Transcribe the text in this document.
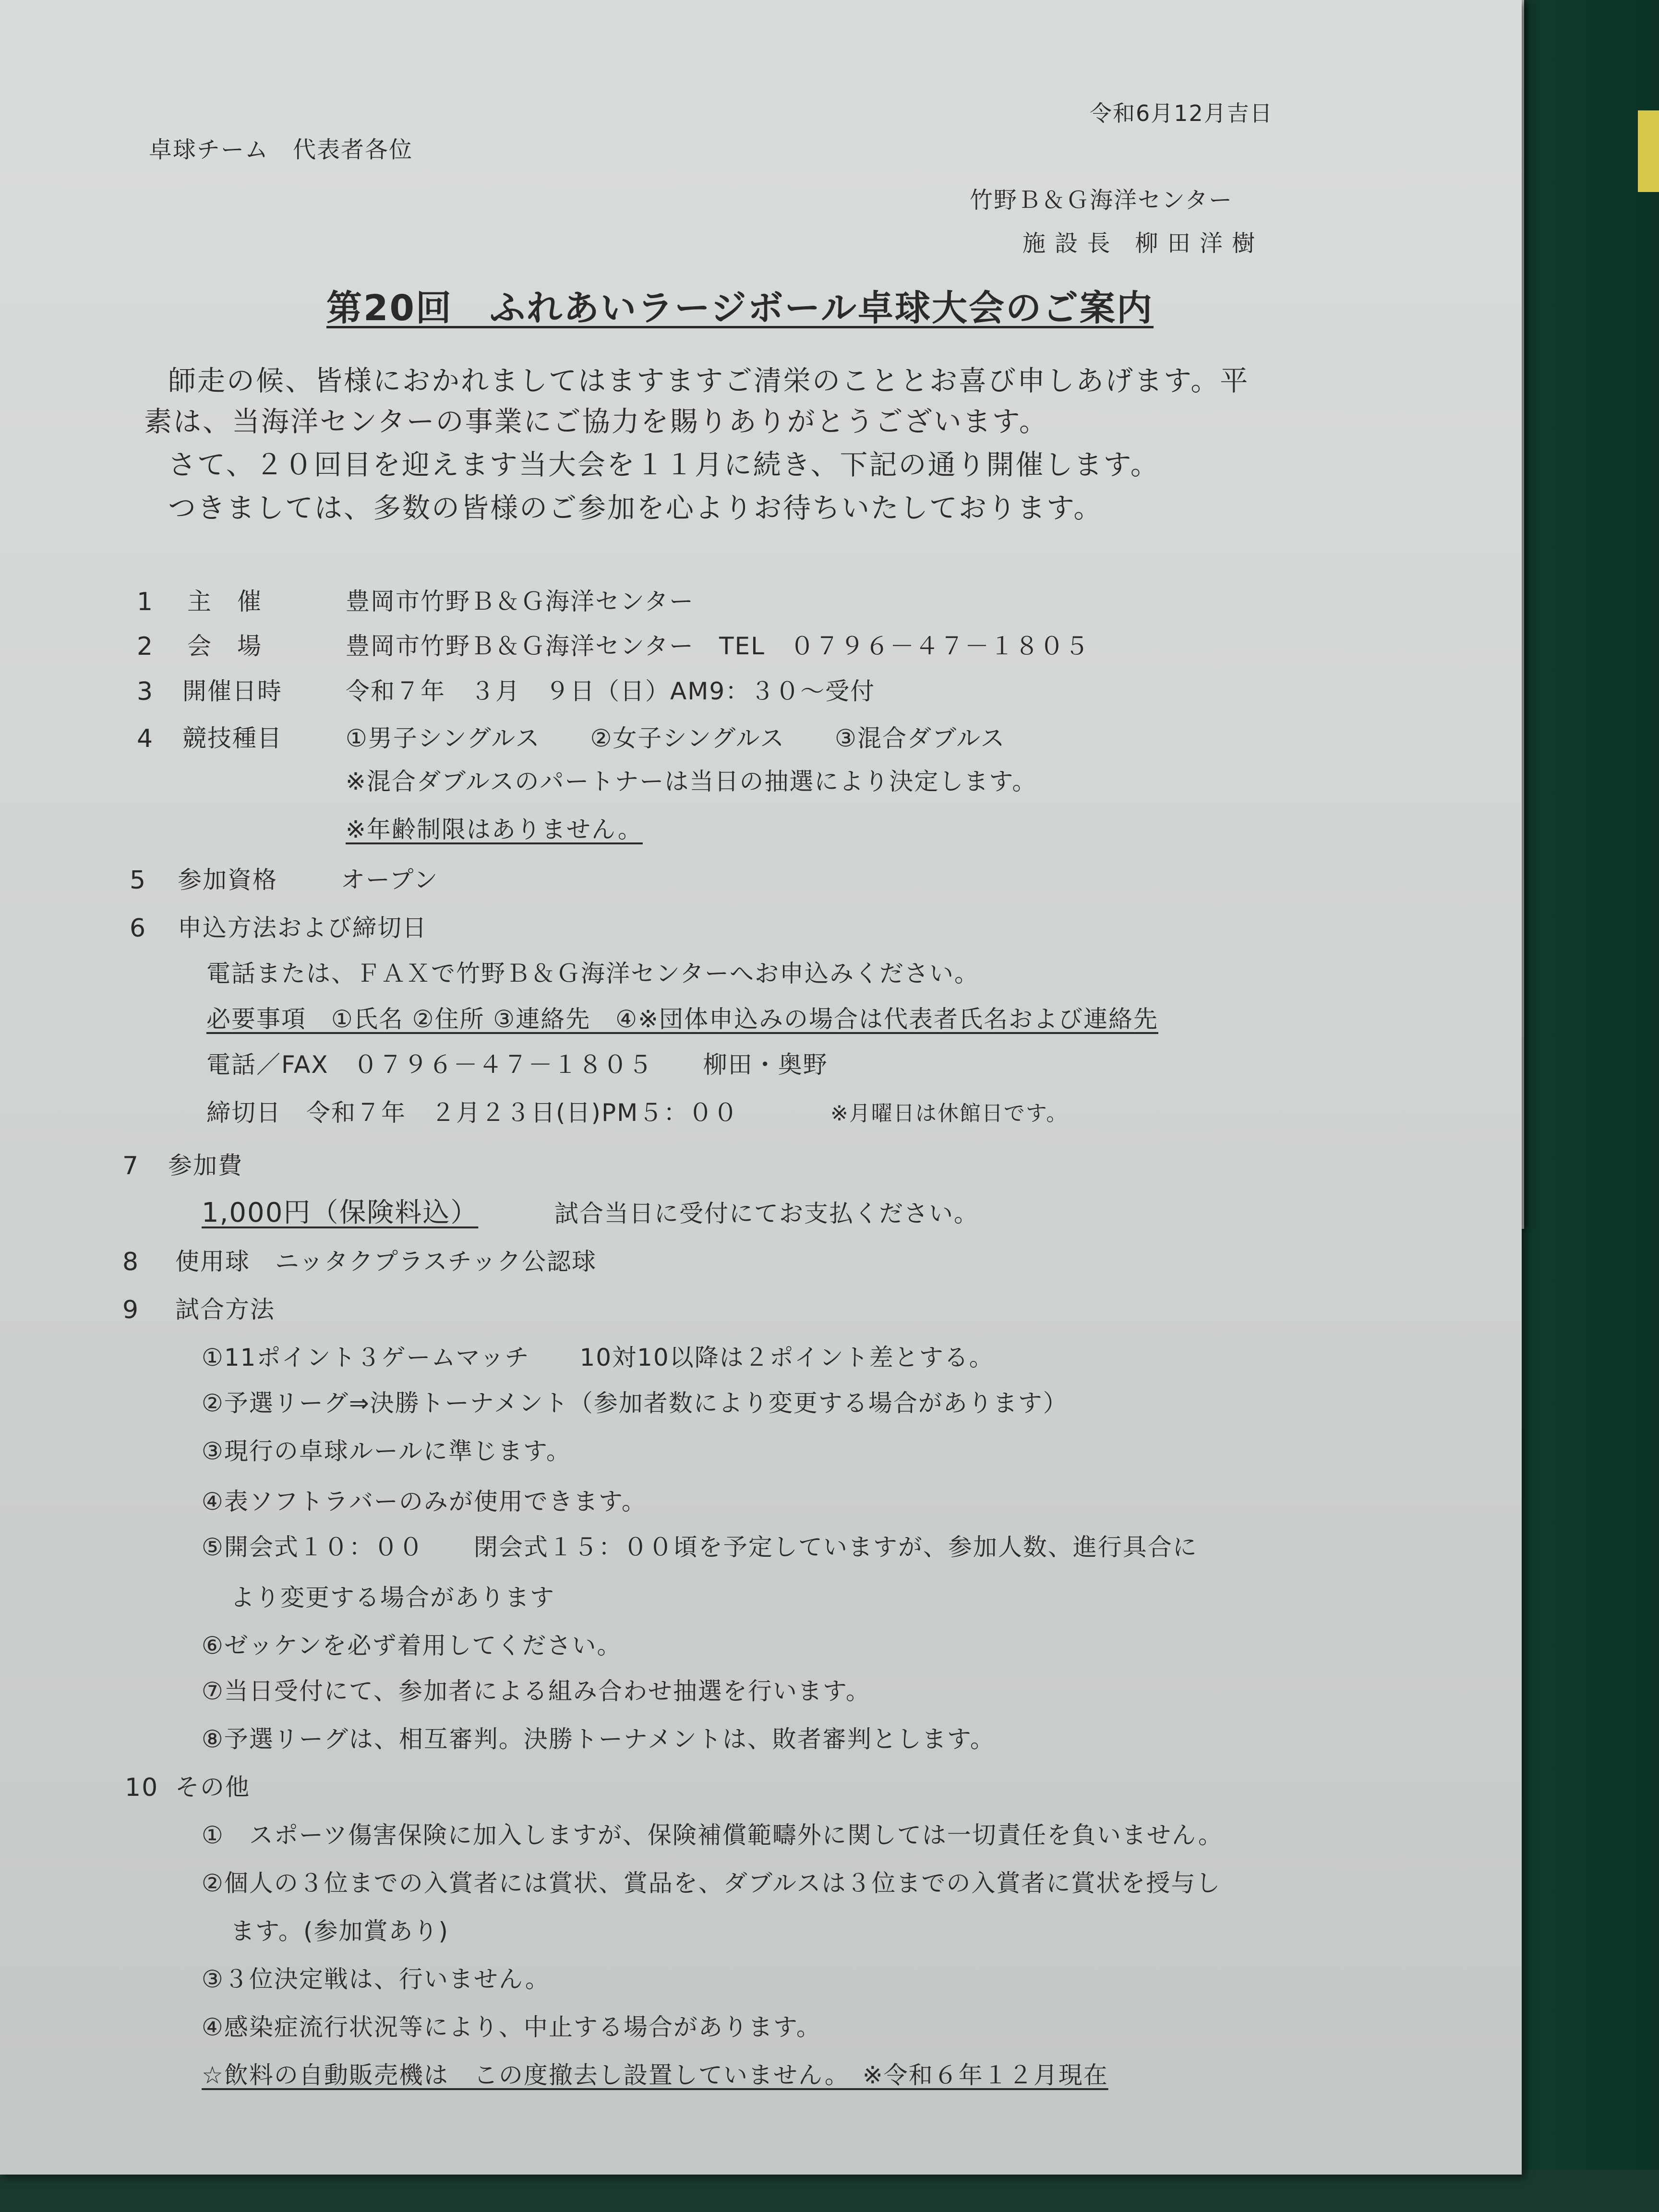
令和6月12月吉日
卓球チーム　代表者各位
竹野Ｂ＆Ｇ海洋センター
施 設 長　柳 田 洋 樹
第20回　ふれあいラージボール卓球大会のご案内
師走の候、皆様におかれましてはますますご清栄のこととお喜び申しあげます。平
素は、当海洋センターの事業にご協力を賜りありがとうございます。
さて、２０回目を迎えます当大会を１１月に続き、下記の通り開催します。
つきましては、多数の皆様のご参加を心よりお待ちいたしております。
1 主　催	豊岡市竹野Ｂ＆Ｇ海洋センター
2 会　場	豊岡市竹野Ｂ＆Ｇ海洋センター　TEL　０７９６－４７－１８０５
3 開催日時	令和７年　３月　９日（日）AM9：３０～受付
4 競技種目	①男子シングルス　　②女子シングルス　　③混合ダブルス
※混合ダブルスのパートナーは当日の抽選により決定します。
※年齢制限はありません。
5 参加資格	オープン
6 申込方法および締切日
電話または、ＦＡＸで竹野Ｂ＆Ｇ海洋センターへお申込みください。
必要事項　①氏名 ②住所 ③連絡先　④※団体申込みの場合は代表者氏名および連絡先
電話／FAX　０７９６－４７－１８０５　　柳田・奥野
締切日　令和７年　２月２３日(日)PM５：００	※月曜日は休館日です。
7 参加費
1,000円（保険料込）	試合当日に受付にてお支払ください。
8 使用球　ニッタクプラスチック公認球
9 試合方法
①11ポイント３ゲームマッチ　　10対10以降は２ポイント差とする。
②予選リーグ⇒決勝トーナメント（参加者数により変更する場合があります）
③現行の卓球ルールに準じます。
④表ソフトラバーのみが使用できます。
⑤開会式１０：００　　閉会式１５：００頃を予定していますが、参加人数、進行具合に
より変更する場合があります
⑥ゼッケンを必ず着用してください。
⑦当日受付にて、参加者による組み合わせ抽選を行います。
⑧予選リーグは、相互審判。決勝トーナメントは、敗者審判とします。
10 その他
①　スポーツ傷害保険に加入しますが、保険補償範疇外に関しては一切責任を負いません。
②個人の３位までの入賞者には賞状、賞品を、ダブルスは３位までの入賞者に賞状を授与し
ます。(参加賞あり)
③３位決定戦は、行いません。
④感染症流行状況等により、中止する場合があります。
☆飲料の自動販売機は　この度撤去し設置していません。　※令和６年１２月現在
